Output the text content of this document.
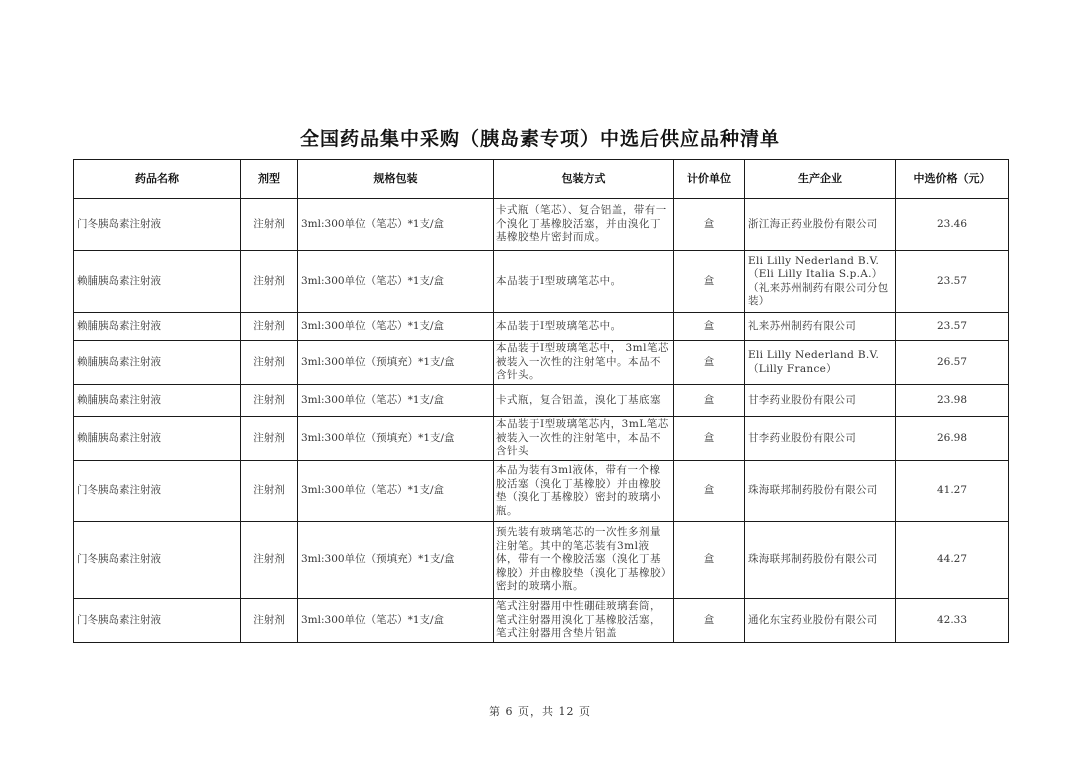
全国药品集中采购（胰岛素专项）中选后供应品种清单
药品名称	剂型	规格包装	包装方式	计价单位	生产企业	中选价格（元）
门冬胰岛素注射液	注射剂	3ml:300单位（笔芯）*1支/盒	卡式瓶（笔芯）、复合铝盖，带有一个溴化丁基橡胶活塞，并由溴化丁基橡胶垫片密封而成。	盒	浙江海正药业股份有限公司	23.46
赖脯胰岛素注射液	注射剂	3ml:300单位（笔芯）*1支/盒	本品装于Ⅰ型玻璃笔芯中。	盒	Eli Lilly Nederland B.V.（Eli Lilly Italia S.p.A.）（礼来苏州制药有限公司分包装）	23.57
赖脯胰岛素注射液	注射剂	3ml:300单位（笔芯）*1支/盒	本品装于Ⅰ型玻璃笔芯中。	盒	礼来苏州制药有限公司	23.57
赖脯胰岛素注射液	注射剂	3ml:300单位（预填充）*1支/盒	本品装于Ⅰ型玻璃笔芯中， 3ml笔芯被装入一次性的注射笔中。本品不含针头。	盒	Eli Lilly Nederland B.V.（Lilly France）	26.57
赖脯胰岛素注射液	注射剂	3ml:300单位（笔芯）*1支/盒	卡式瓶，复合铝盖，溴化丁基底塞	盒	甘李药业股份有限公司	23.98
赖脯胰岛素注射液	注射剂	3ml:300单位（预填充）*1支/盒	本品装于Ⅰ型玻璃笔芯内，3mL笔芯被装入一次性的注射笔中，本品不含针头	盒	甘李药业股份有限公司	26.98
门冬胰岛素注射液	注射剂	3ml:300单位（笔芯）*1支/盒	本品为装有3ml液体，带有一个橡胶活塞（溴化丁基橡胶）并由橡胶垫（溴化丁基橡胶）密封的玻璃小瓶。	盒	珠海联邦制药股份有限公司	41.27
门冬胰岛素注射液	注射剂	3ml:300单位（预填充）*1支/盒	预先装有玻璃笔芯的一次性多剂量注射笔。其中的笔芯装有3ml液体，带有一个橡胶活塞（溴化丁基橡胶）并由橡胶垫（溴化丁基橡胶）密封的玻璃小瓶。	盒	珠海联邦制药股份有限公司	44.27
门冬胰岛素注射液	注射剂	3ml:300单位（笔芯）*1支/盒	笔式注射器用中性硼硅玻璃套筒，笔式注射器用溴化丁基橡胶活塞，笔式注射器用含垫片铝盖	盒	通化东宝药业股份有限公司	42.33
第 6 页，共 12 页
